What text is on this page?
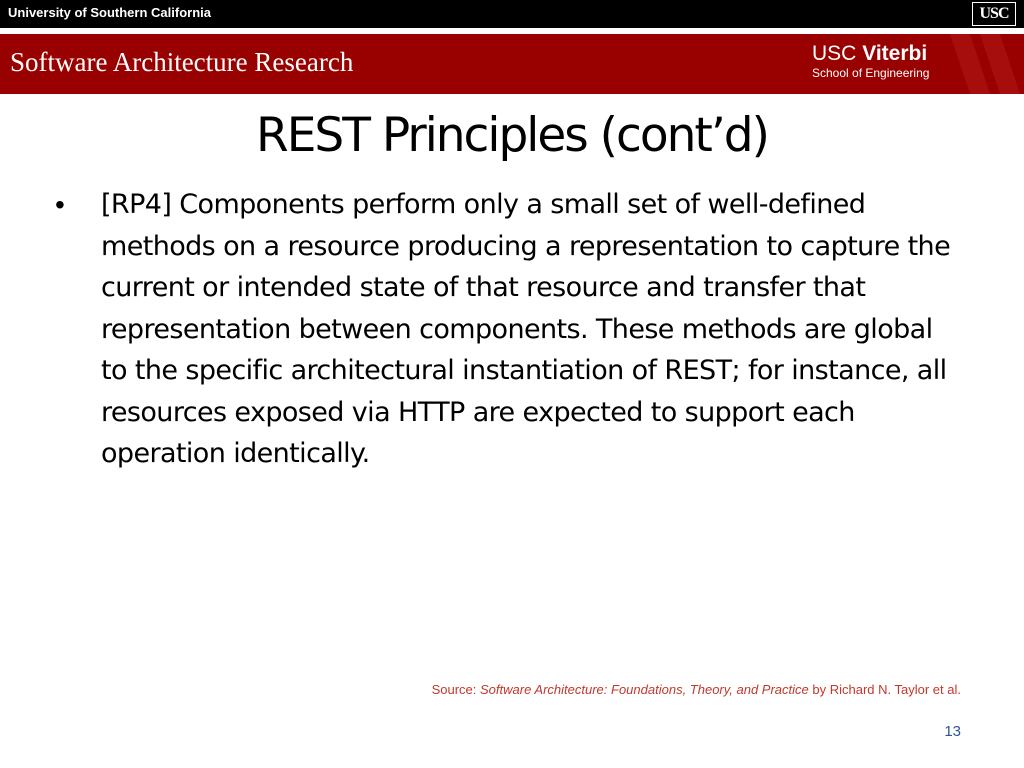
University of Southern California	USC
Software Architecture Research	USC Viterbi
School of Engineering
REST Principles (cont’d)
•	[RP4] Components perform only a small set of well-defined methods on a resource producing a representation to capture the current or intended state of that resource and transfer that representation between components. These methods are global to the specific architectural instantiation of REST; for instance, all resources exposed via HTTP are expected to support each operation identically.
Source: Software Architecture: Foundations, Theory, and Practice by Richard N. Taylor et al.
13
